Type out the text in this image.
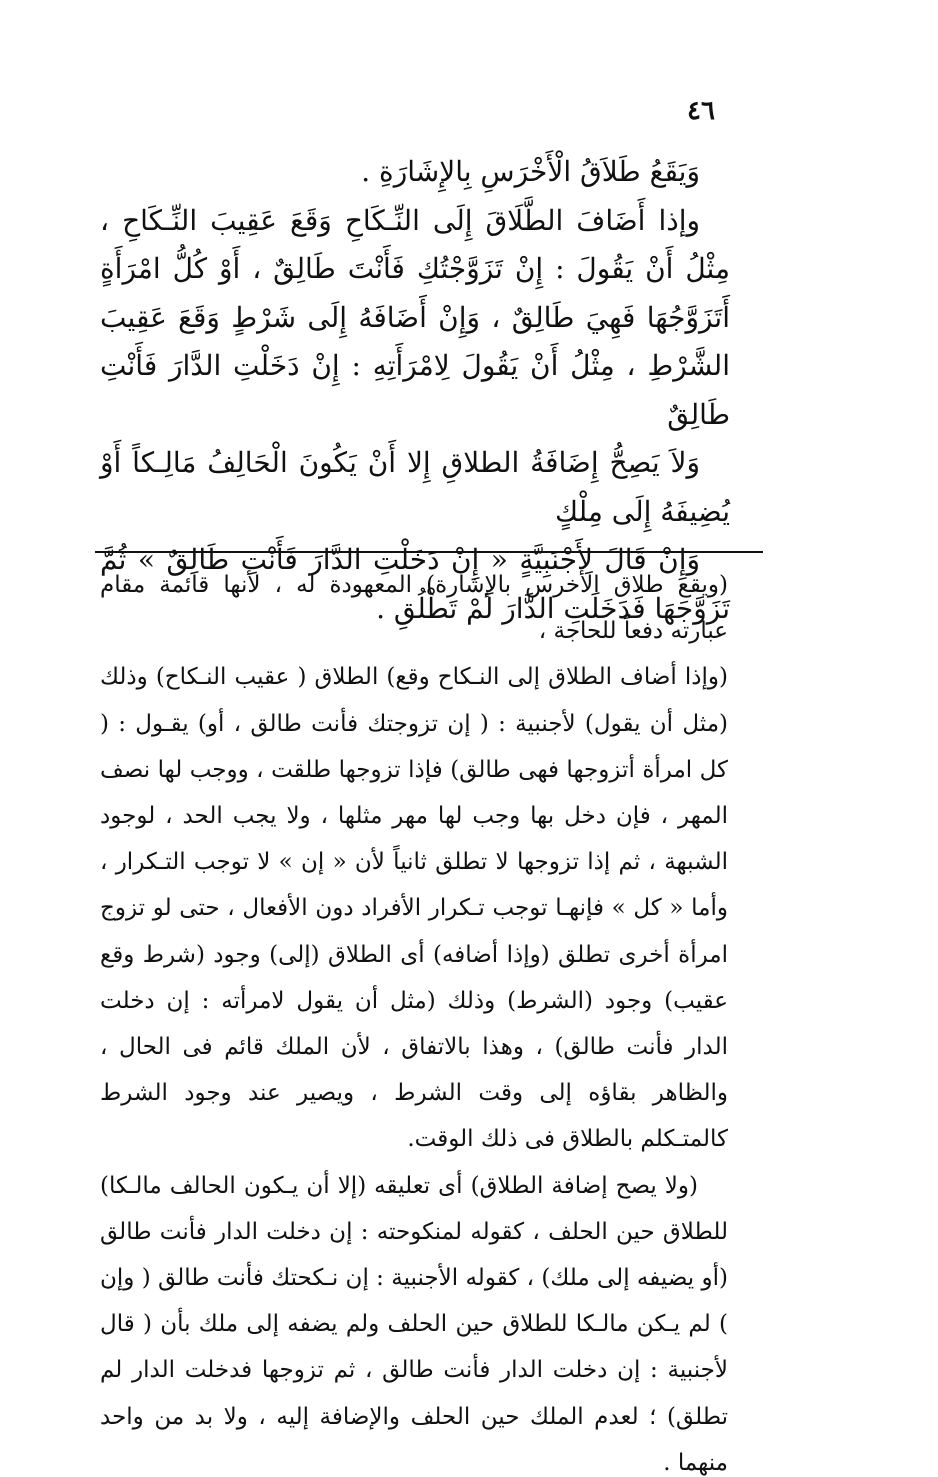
٤٦

وَيَقَعُ طَلاَقُ الْأَخْرَسِ بِالإِشَارَةِ .

وإذا أَضَافَ الطَّلَاقَ إِلَى النِّـكَاحِ وَقَعَ عَقِيبَ النِّـكَاحِ ، مِثْلُ أَنْ يَقُولَ : إِنْ تَزَوَّجْتُكِ فَأَنْتَ طَالِقٌ ، أَوْ كُلُّ امْرَأَةٍ أَتَزَوَّجُهَا فَهِيَ طَالِقٌ ، وَإِنْ أَضَافَهُ إِلَى شَرْطٍ وَقَعَ عَقِيبَ الشَّرْطِ ، مِثْلُ أَنْ يَقُولَ لِامْرَأَتِهِ : إِنْ دَخَلْتِ الدَّارَ فَأَنْتِ طَالِقٌ

وَلاَ يَصِحُّ إِضَافَةُ الطلاقِ إِلا أَنْ يَكُونَ الْحَالِفُ مَالِـكاً أَوْ يُضِيفَهُ إِلَى مِلْكٍ

وَإِنْ قَالَ لِأَجْنَبِيَّةٍ « إِنْ دَخَلْتِ الدَّارَ فَأَنْتِ طَالِقٌ » ثُمَّ تَزَوَّجَهَا فَدَخَلَتِ الدَّارَ لَمْ تَطْلُقِ .

(ويقع طلاق الأخرس بالإشارة) المعهودة له ، لأنها قائمة مقام عبارته دفعاً للحاجة ،

(وإذا أضاف الطلاق إلى النـكاح وقع) الطلاق ( عقيب النـكاح) وذلك (مثل أن يقول) لأجنبية : ( إن تزوجتك فأنت طالق ، أو) يقـول : ( كل امرأة أتزوجها فهى طالق) فإذا تزوجها طلقت ، ووجب لها نصف المهر ، فإن دخل بها وجب لها مهر مثلها ، ولا يجب الحد ، لوجود الشبهة ، ثم إذا تزوجها لا تطلق ثانياً لأن « إن » لا توجب التـكرار ، وأما « كل » فإنهـا توجب تـكرار الأفراد دون الأفعال ، حتى لو تزوج امرأة أخرى تطلق (وإذا أضافه) أى الطلاق (إلى) وجود (شرط وقع عقيب) وجود (الشرط) وذلك (مثل أن يقول لامرأته : إن دخلت الدار فأنت طالق) ، وهذا بالاتفاق ، لأن الملك قائم فى الحال ، والظاهر بقاؤه إلى وقت الشرط ، ويصير عند وجود الشرط كالمتـكلم بالطلاق فى ذلك الوقت.

(ولا يصح إضافة الطلاق) أى تعليقه (إلا أن يـكون الحالف مالـكا) للطلاق حين الحلف ، كقوله لمنكوحته : إن دخلت الدار فأنت طالق (أو يضيفه إلى ملك) ، كقوله الأجنبية : إن نـكحتك فأنت طالق ( وإن ) لم يـكن مالـكا للطلاق حين الحلف ولم يضفه إلى ملك بأن ( قال لأجنبية : إن دخلت الدار فأنت طالق ، ثم تزوجها فدخلت الدار لم تطلق) ؛ لعدم الملك حين الحلف والإضافة إليه ، ولا بد من واحد منهما .
